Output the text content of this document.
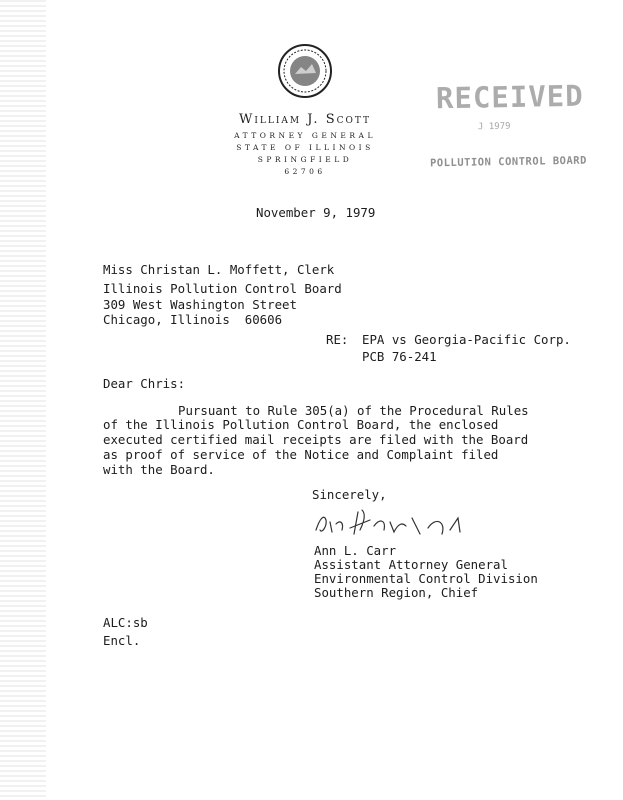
William J. Scott
ATTORNEY GENERAL
STATE OF ILLINOIS
SPRINGFIELD
62706
RECEIVED
J 1979
POLLUTION CONTROL BOARD
November 9, 1979
Miss Christan L. Moffett, Clerk
Illinois Pollution Control Board
309 West Washington Street
Chicago, Illinois  60606
RE: EPA vs Georgia-Pacific Corp.
PCB 76-241
Dear Chris:
Pursuant to Rule 305(a) of the Procedural Rules
of the Illinois Pollution Control Board, the enclosed
executed certified mail receipts are filed with the Board
as proof of service of the Notice and Complaint filed
with the Board.
Sincerely,
Ann L. Carr
Assistant Attorney General
Environmental Control Division
Southern Region, Chief
ALC:sb
Encl.
